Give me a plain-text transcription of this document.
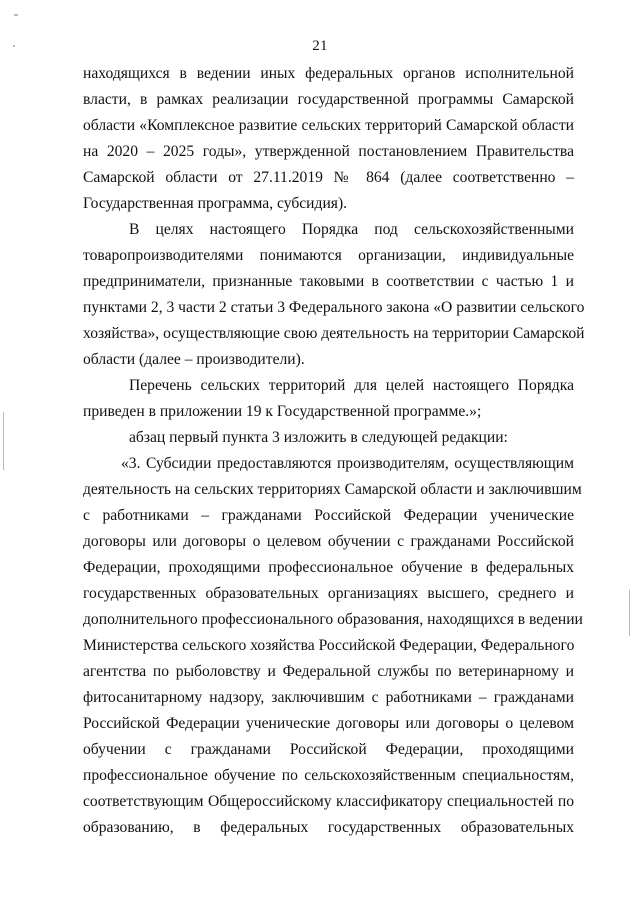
21
находящихся в ведении иных федеральных органов исполнительной
власти, в рамках реализации государственной программы Самарской
области «Комплексное развитие сельских территорий Самарской области
на 2020 – 2025 годы», утвержденной постановлением Правительства
Самарской области от 27.11.2019 № 864 (далее соответственно –
Государственная программа, субсидия).
В целях настоящего Порядка под сельскохозяйственными
товаропроизводителями понимаются организации, индивидуальные
предприниматели, признанные таковыми в соответствии с частью 1 и
пунктами 2, 3 части 2 статьи 3 Федерального закона «О развитии сельского
хозяйства», осуществляющие свою деятельность на территории Самарской
области (далее – производители).
Перечень сельских территорий для целей настоящего Порядка
приведен в приложении 19 к Государственной программе.»;
абзац первый пункта 3 изложить в следующей редакции:
«3. Субсидии предоставляются производителям, осуществляющим
деятельность на сельских территориях Самарской области и заключившим
с работниками – гражданами Российской Федерации ученические
договоры или договоры о целевом обучении с гражданами Российской
Федерации, проходящими профессиональное обучение в федеральных
государственных образовательных организациях высшего, среднего и
дополнительного профессионального образования, находящихся в ведении
Министерства сельского хозяйства Российской Федерации, Федерального
агентства по рыболовству и Федеральной службы по ветеринарному и
фитосанитарному надзору, заключившим с работниками – гражданами
Российской Федерации ученические договоры или договоры о целевом
обучении с гражданами Российской Федерации, проходящими
профессиональное обучение по сельскохозяйственным специальностям,
соответствующим Общероссийскому классификатору специальностей по
образованию, в федеральных государственных образовательных
